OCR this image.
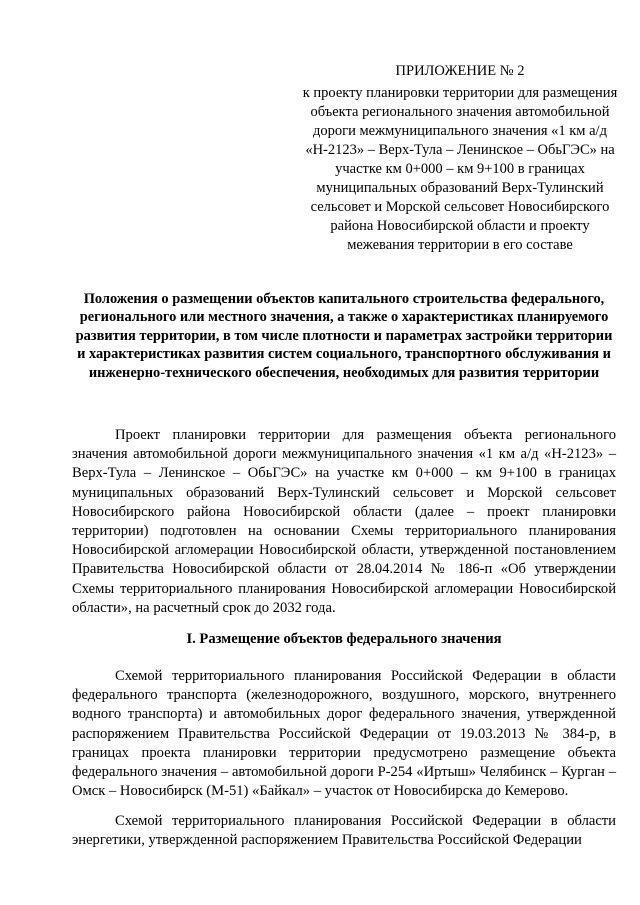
ПРИЛОЖЕНИЕ № 2
к проекту планировки территории для размещения объекта регионального значения автомобильной дороги межмуниципального значения «1 км а/д «Н-2123» – Верх-Тула – Ленинское – ОбьГЭС» на участке км 0+000 – км 9+100 в границах муниципальных образований Верх-Тулинский сельсовет и Морской сельсовет Новосибирского района Новосибирской области и проекту межевания территории в его составе
Положения о размещении объектов капитального строительства федерального, регионального или местного значения, а также о характеристиках планируемого развития территории, в том числе плотности и параметрах застройки территории и характеристиках развития систем социального, транспортного обслуживания и инженерно-технического обеспечения, необходимых для развития территории
Проект планировки территории для размещения объекта регионального значения автомобильной дороги межмуниципального значения «1 км а/д «Н-2123» – Верх-Тула – Ленинское – ОбьГЭС» на участке км 0+000 – км 9+100 в границах муниципальных образований Верх-Тулинский сельсовет и Морской сельсовет Новосибирского района Новосибирской области (далее – проект планировки территории) подготовлен на основании Схемы территориального планирования Новосибирской агломерации Новосибирской области, утвержденной постановлением Правительства Новосибирской области от 28.04.2014 № 186-п «Об утверждении Схемы территориального планирования Новосибирской агломерации Новосибирской области», на расчетный срок до 2032 года.
I. Размещение объектов федерального значения
Схемой территориального планирования Российской Федерации в области федерального транспорта (железнодорожного, воздушного, морского, внутреннего водного транспорта) и автомобильных дорог федерального значения, утвержденной распоряжением Правительства Российской Федерации от 19.03.2013 № 384-р, в границах проекта планировки территории предусмотрено размещение объекта федерального значения – автомобильной дороги Р-254 «Иртыш» Челябинск – Курган – Омск – Новосибирск (М-51) «Байкал» – участок от Новосибирска до Кемерово.
Схемой территориального планирования Российской Федерации в области энергетики, утвержденной распоряжением Правительства Российской Федерации
